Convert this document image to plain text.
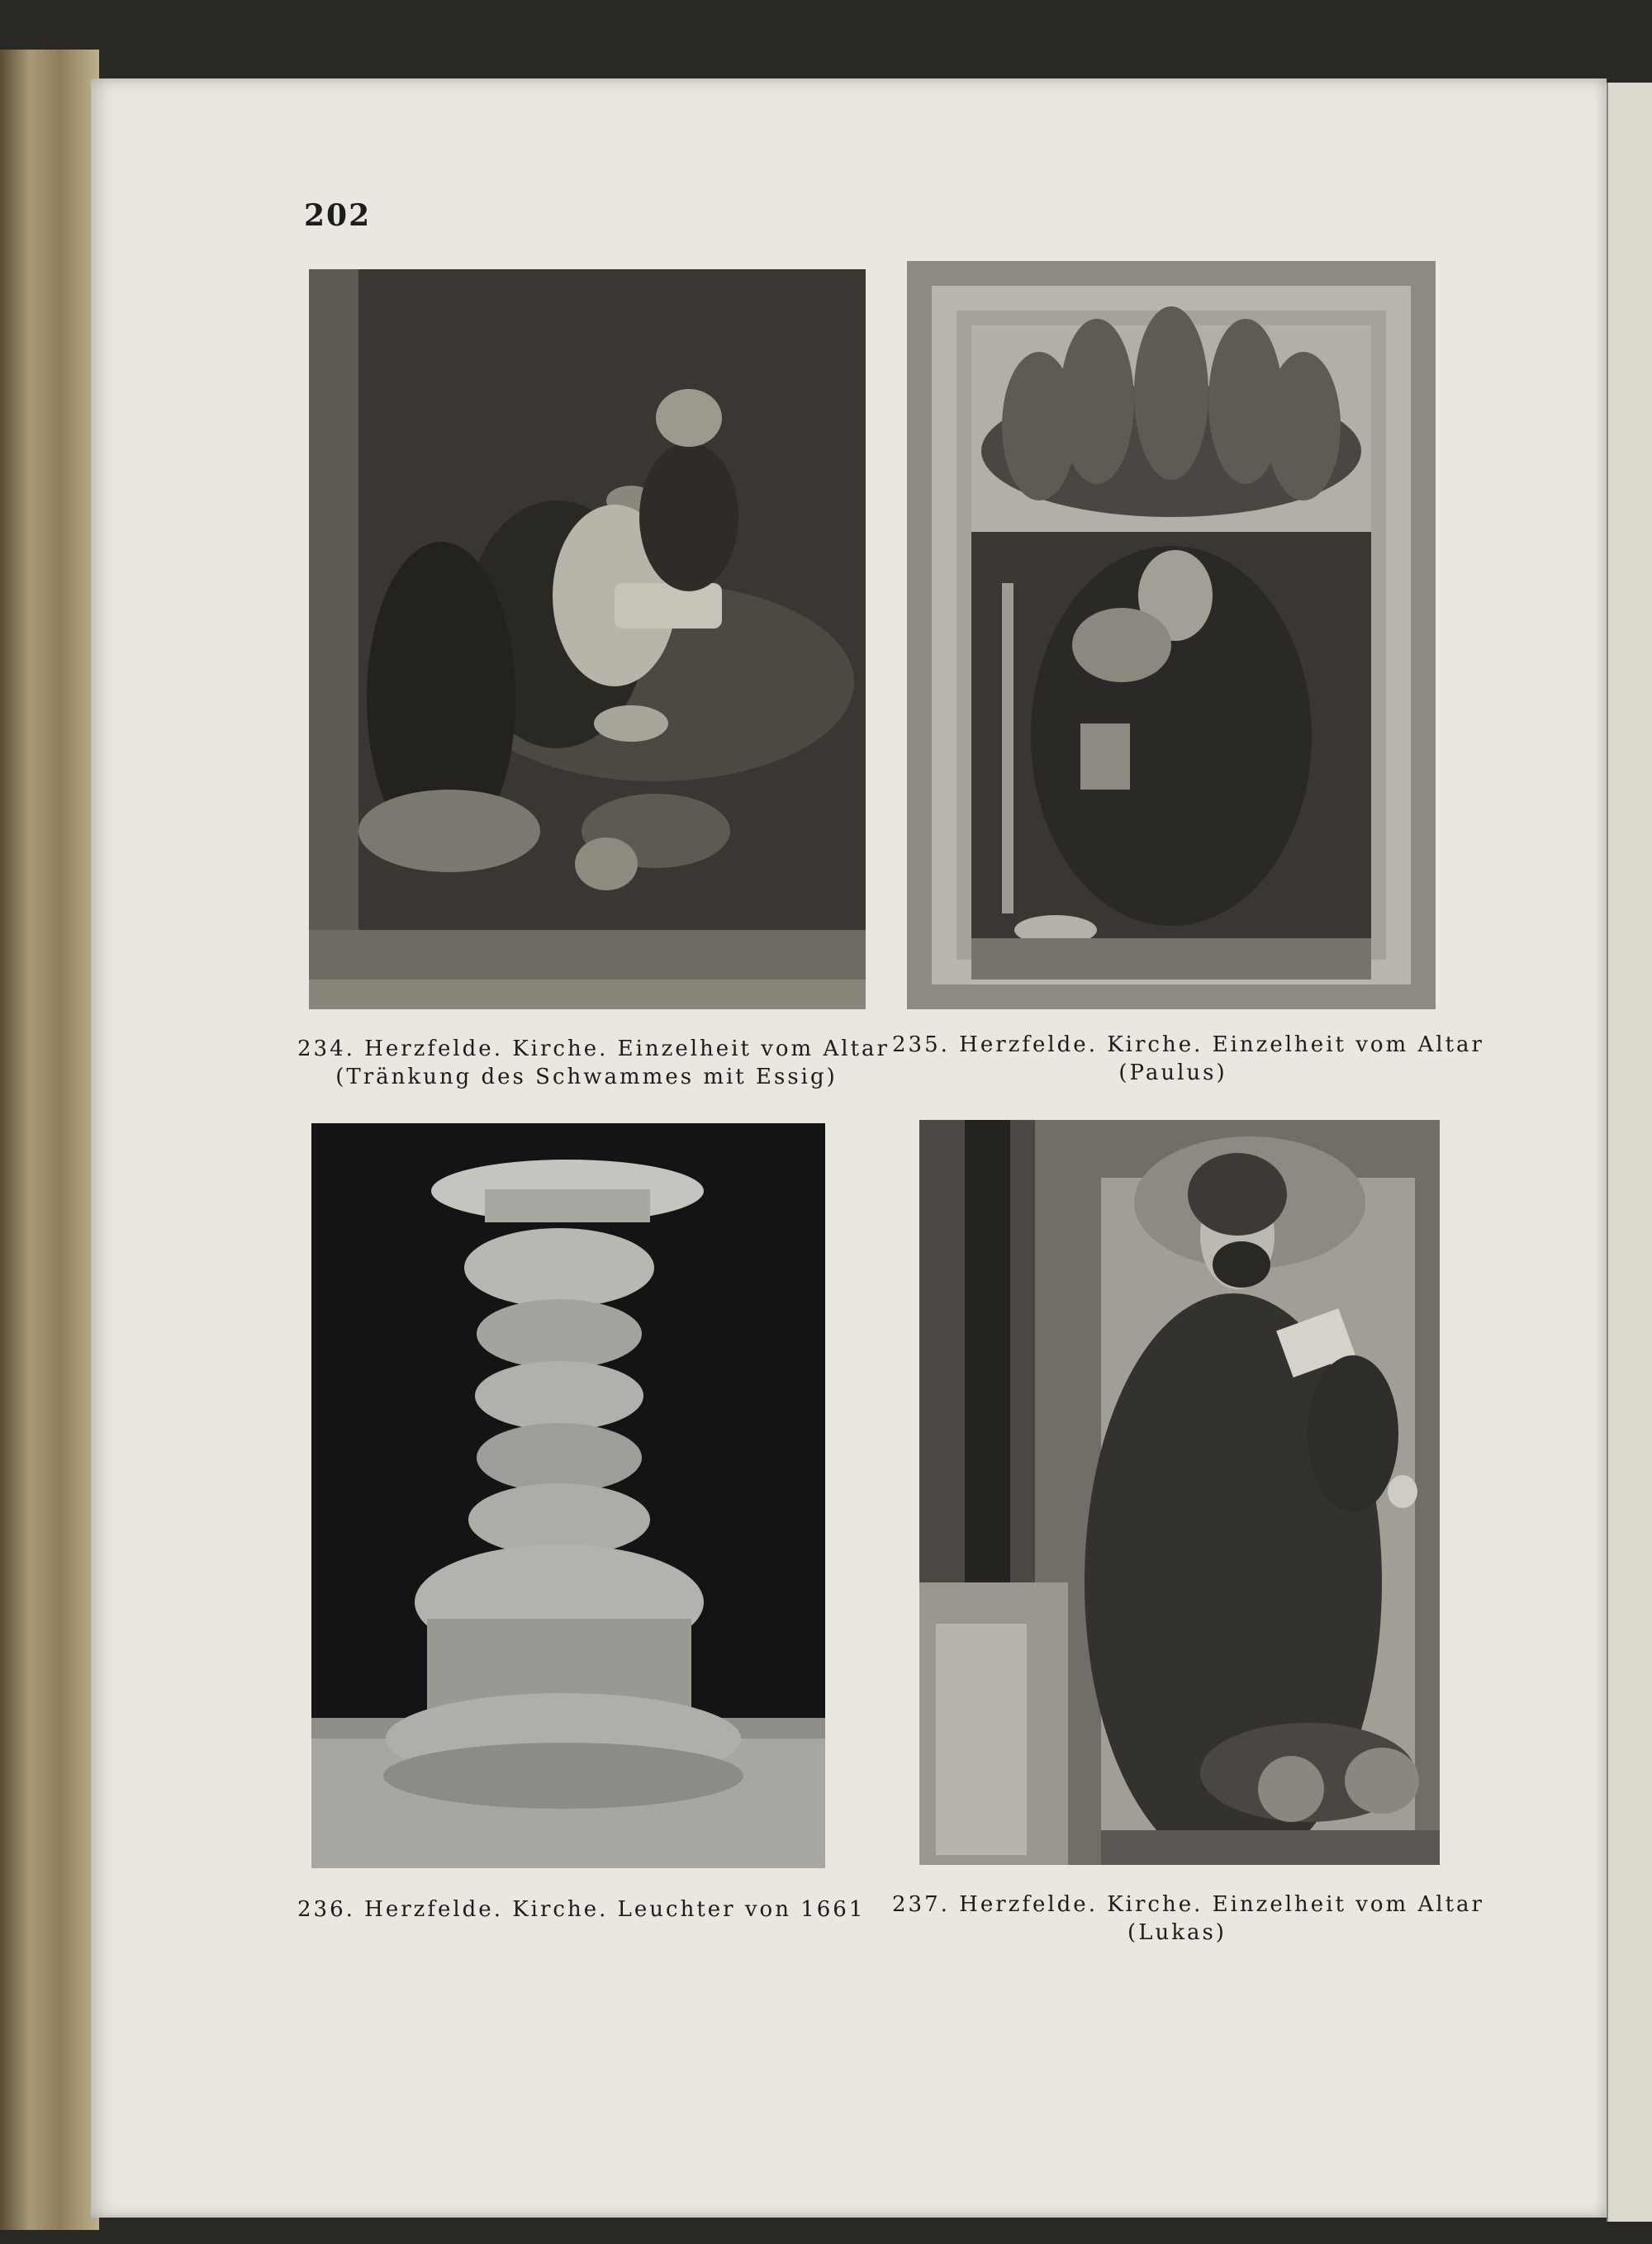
202
234. Herzfelde. Kirche. Einzelheit vom Altar
(Tränkung des Schwammes mit Essig)
235. Herzfelde. Kirche. Einzelheit vom Altar
(Paulus)
236. Herzfelde. Kirche. Leuchter von 1661 237. Herzfelde. Kirche. Einzelheit vom Altar
(Lukas)
